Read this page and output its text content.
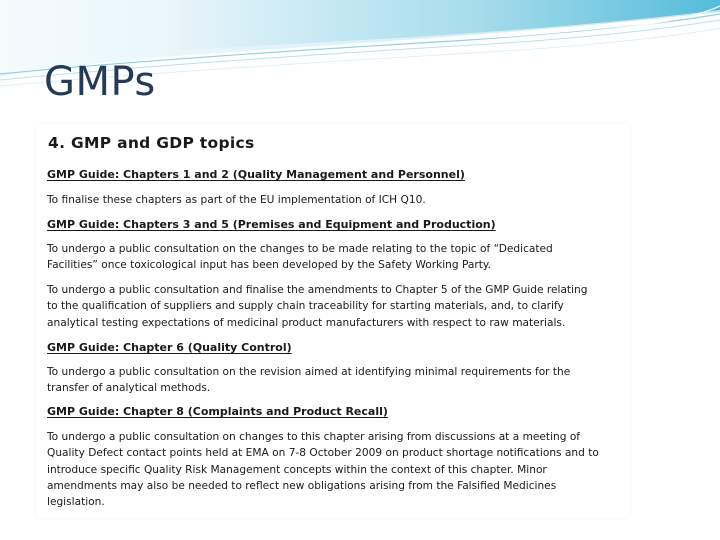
GMPs
4. GMP and GDP topics
GMP Guide: Chapters 1 and 2 (Quality Management and Personnel)

To finalise these chapters as part of the EU implementation of ICH Q10.

GMP Guide: Chapters 3 and 5 (Premises and Equipment and Production)

To undergo a public consultation on the changes to be made relating to the topic of “Dedicated
Facilities” once toxicological input has been developed by the Safety Working Party.

To undergo a public consultation and finalise the amendments to Chapter 5 of the GMP Guide relating
to the qualification of suppliers and supply chain traceability for starting materials, and, to clarify
analytical testing expectations of medicinal product manufacturers with respect to raw materials.

GMP Guide: Chapter 6 (Quality Control)

To undergo a public consultation on the revision aimed at identifying minimal requirements for the
transfer of analytical methods.

GMP Guide: Chapter 8 (Complaints and Product Recall)

To undergo a public consultation on changes to this chapter arising from discussions at a meeting of
Quality Defect contact points held at EMA on 7-8 October 2009 on product shortage notifications and to
introduce specific Quality Risk Management concepts within the context of this chapter. Minor
amendments may also be needed to reflect new obligations arising from the Falsified Medicines
legislation.
